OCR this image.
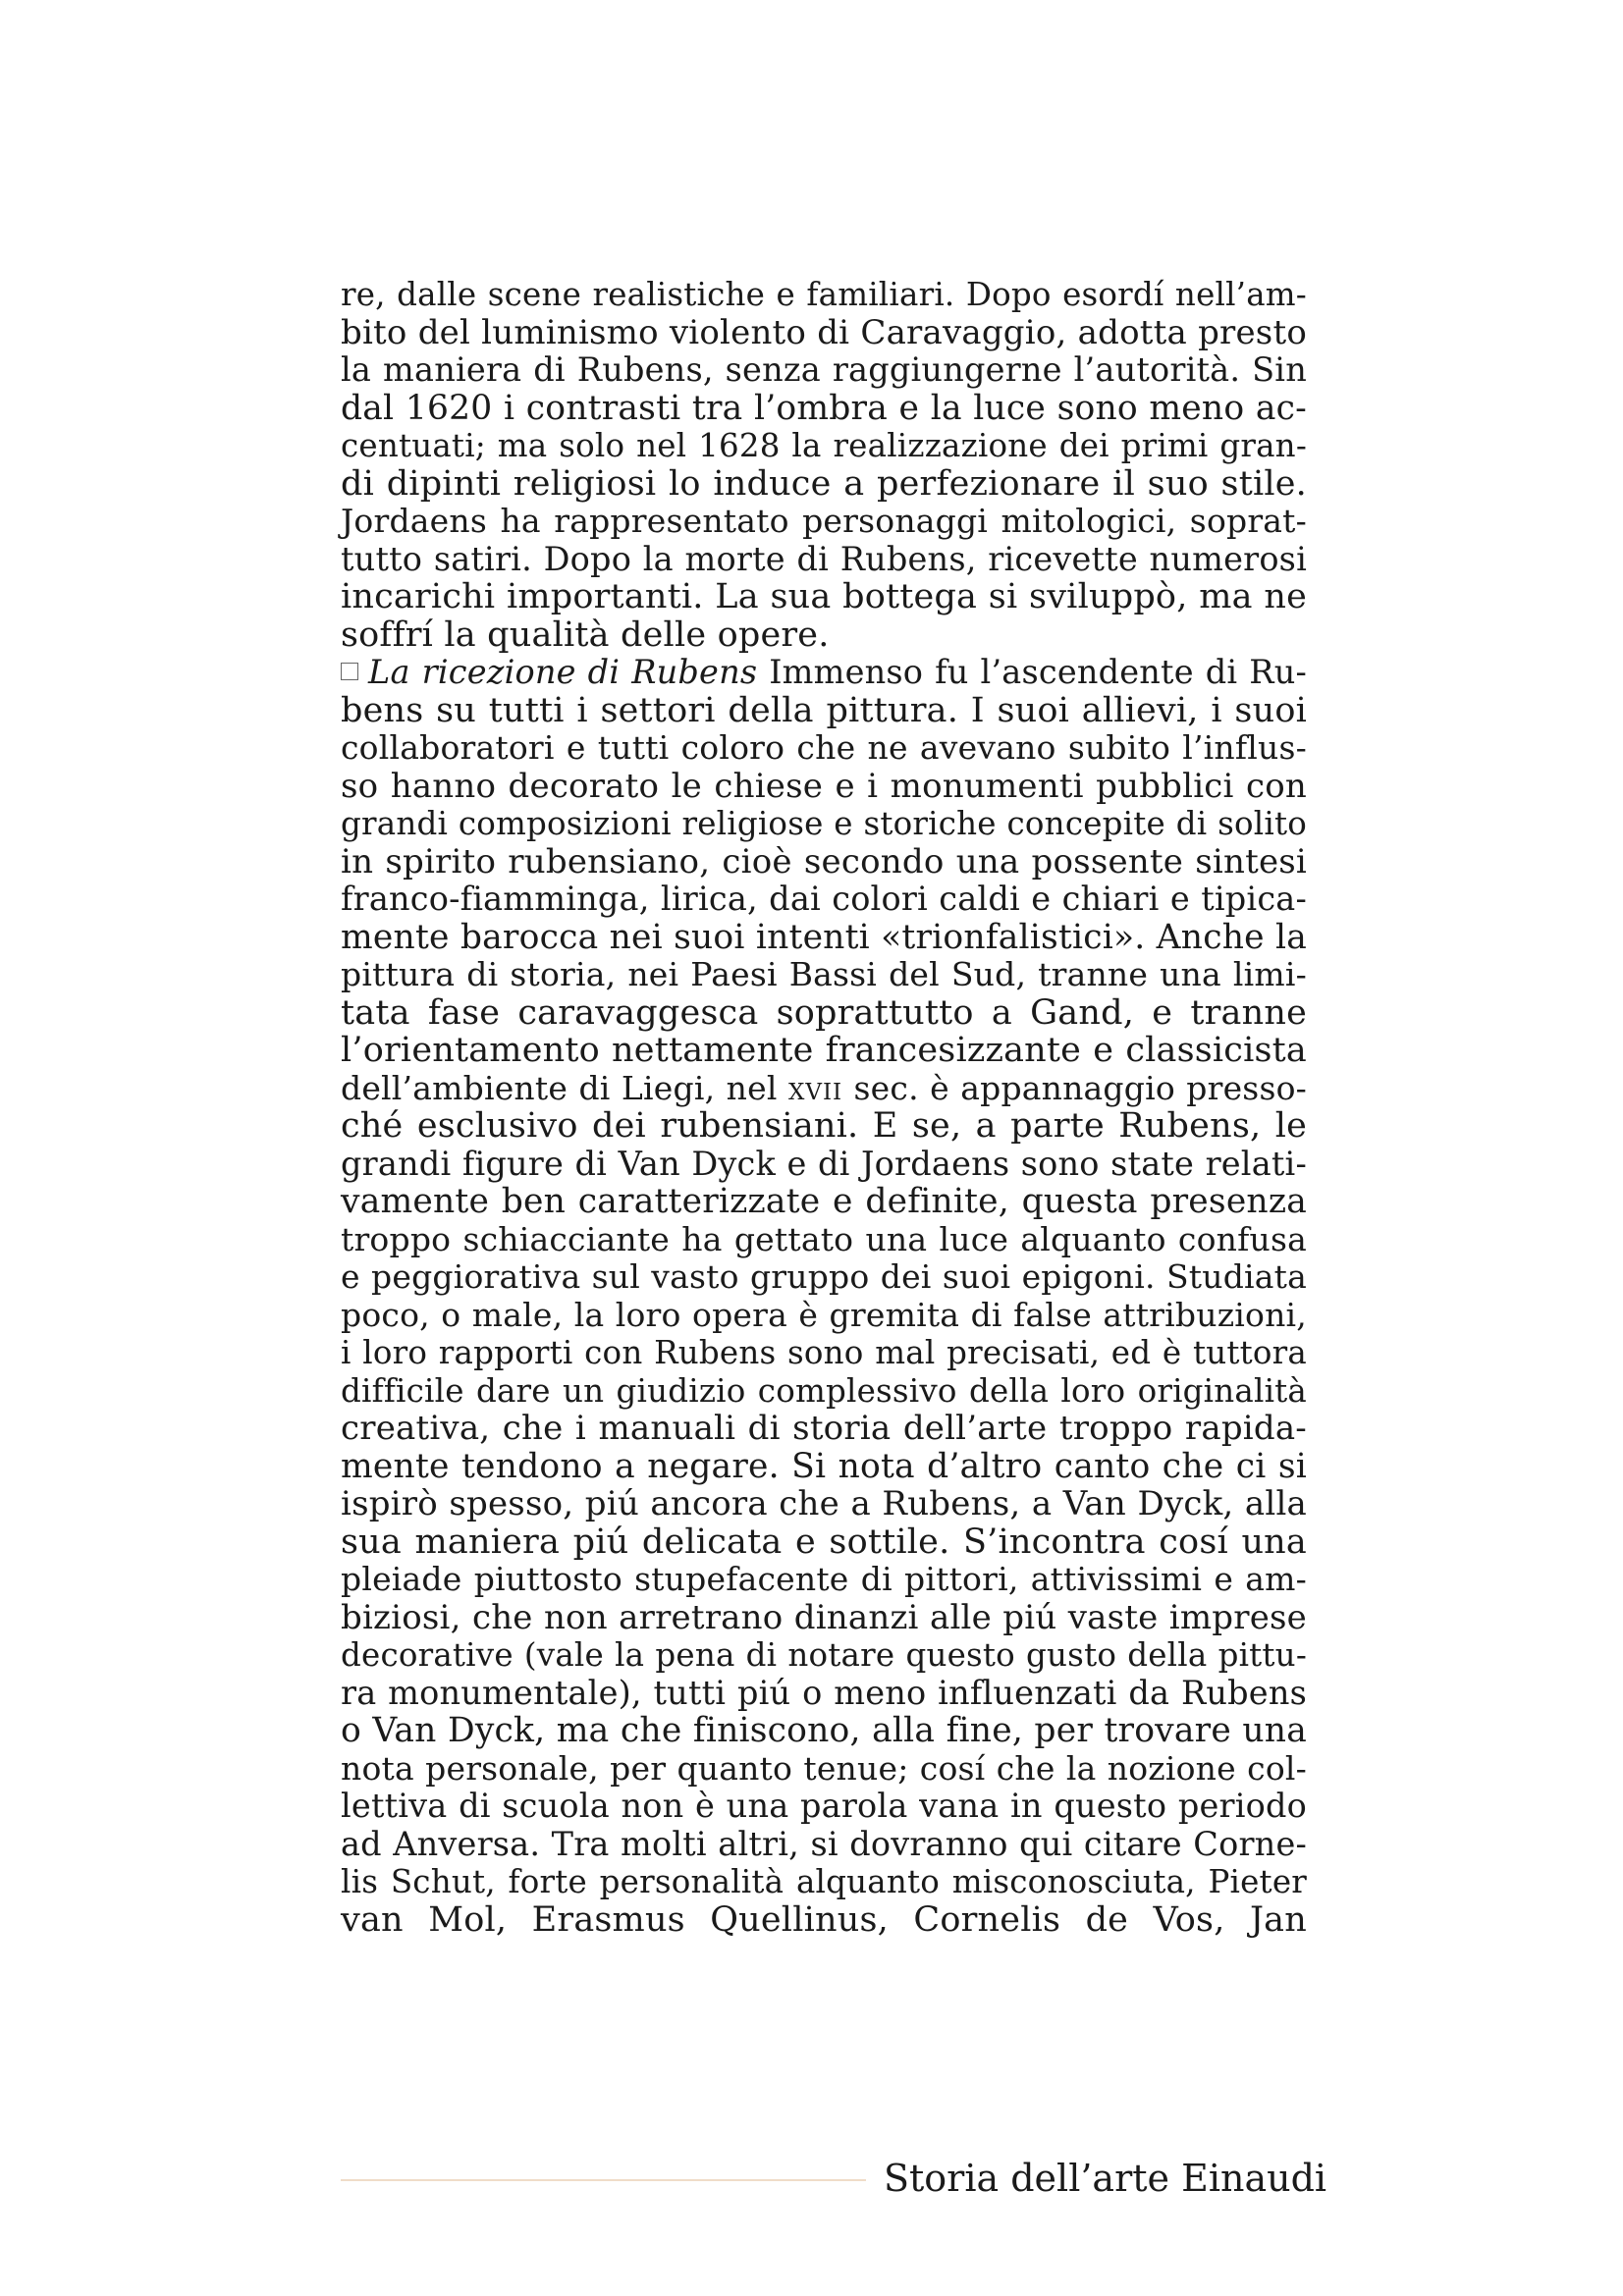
re, dalle scene realistiche e familiari. Dopo esordí nell’am-

bito del luminismo violento di Caravaggio, adotta presto

la maniera di Rubens, senza raggiungerne l’autorità. Sin

dal 1620 i contrasti tra l’ombra e la luce sono meno ac-

centuati; ma solo nel 1628 la realizzazione dei primi gran-

di dipinti religiosi lo induce a perfezionare il suo stile.

Jordaens ha rappresentato personaggi mitologici, soprat-

tutto satiri. Dopo la morte di Rubens, ricevette numerosi

incarichi importanti. La sua bottega si sviluppò, ma ne

soffrí la qualità delle opere.

La ricezione di Rubens Immenso fu l’ascendente di Ru-

bens su tutti i settori della pittura. I suoi allievi, i suoi

collaboratori e tutti coloro che ne avevano subito l’influs-

so hanno decorato le chiese e i monumenti pubblici con

grandi composizioni religiose e storiche concepite di solito

in spirito rubensiano, cioè secondo una possente sintesi

franco-fiamminga, lirica, dai colori caldi e chiari e tipica-

mente barocca nei suoi intenti «trionfalistici». Anche la

pittura di storia, nei Paesi Bassi del Sud, tranne una limi-

tata fase caravaggesca soprattutto a Gand, e tranne

l’orientamento nettamente francesizzante e classicista

dell’ambiente di Liegi, nel xvii sec. è appannaggio presso-

ché esclusivo dei rubensiani. E se, a parte Rubens, le

grandi figure di Van Dyck e di Jordaens sono state relati-

vamente ben caratterizzate e definite, questa presenza

troppo schiacciante ha gettato una luce alquanto confusa

e peggiorativa sul vasto gruppo dei suoi epigoni. Studiata

poco, o male, la loro opera è gremita di false attribuzioni,

i loro rapporti con Rubens sono mal precisati, ed è tuttora

difficile dare un giudizio complessivo della loro originalità

creativa, che i manuali di storia dell’arte troppo rapida-

mente tendono a negare. Si nota d’altro canto che ci si

ispirò spesso, piú ancora che a Rubens, a Van Dyck, alla

sua maniera piú delicata e sottile. S’incontra cosí una

pleiade piuttosto stupefacente di pittori, attivissimi e am-

biziosi, che non arretrano dinanzi alle piú vaste imprese

decorative (vale la pena di notare questo gusto della pittu-

ra monumentale), tutti piú o meno influenzati da Rubens

o Van Dyck, ma che finiscono, alla fine, per trovare una

nota personale, per quanto tenue; cosí che la nozione col-

lettiva di scuola non è una parola vana in questo periodo

ad Anversa. Tra molti altri, si dovranno qui citare Corne-

lis Schut, forte personalità alquanto misconosciuta, Pieter

van Mol, Erasmus Quellinus, Cornelis de Vos, Jan

Storia dell’arte Einaudi
